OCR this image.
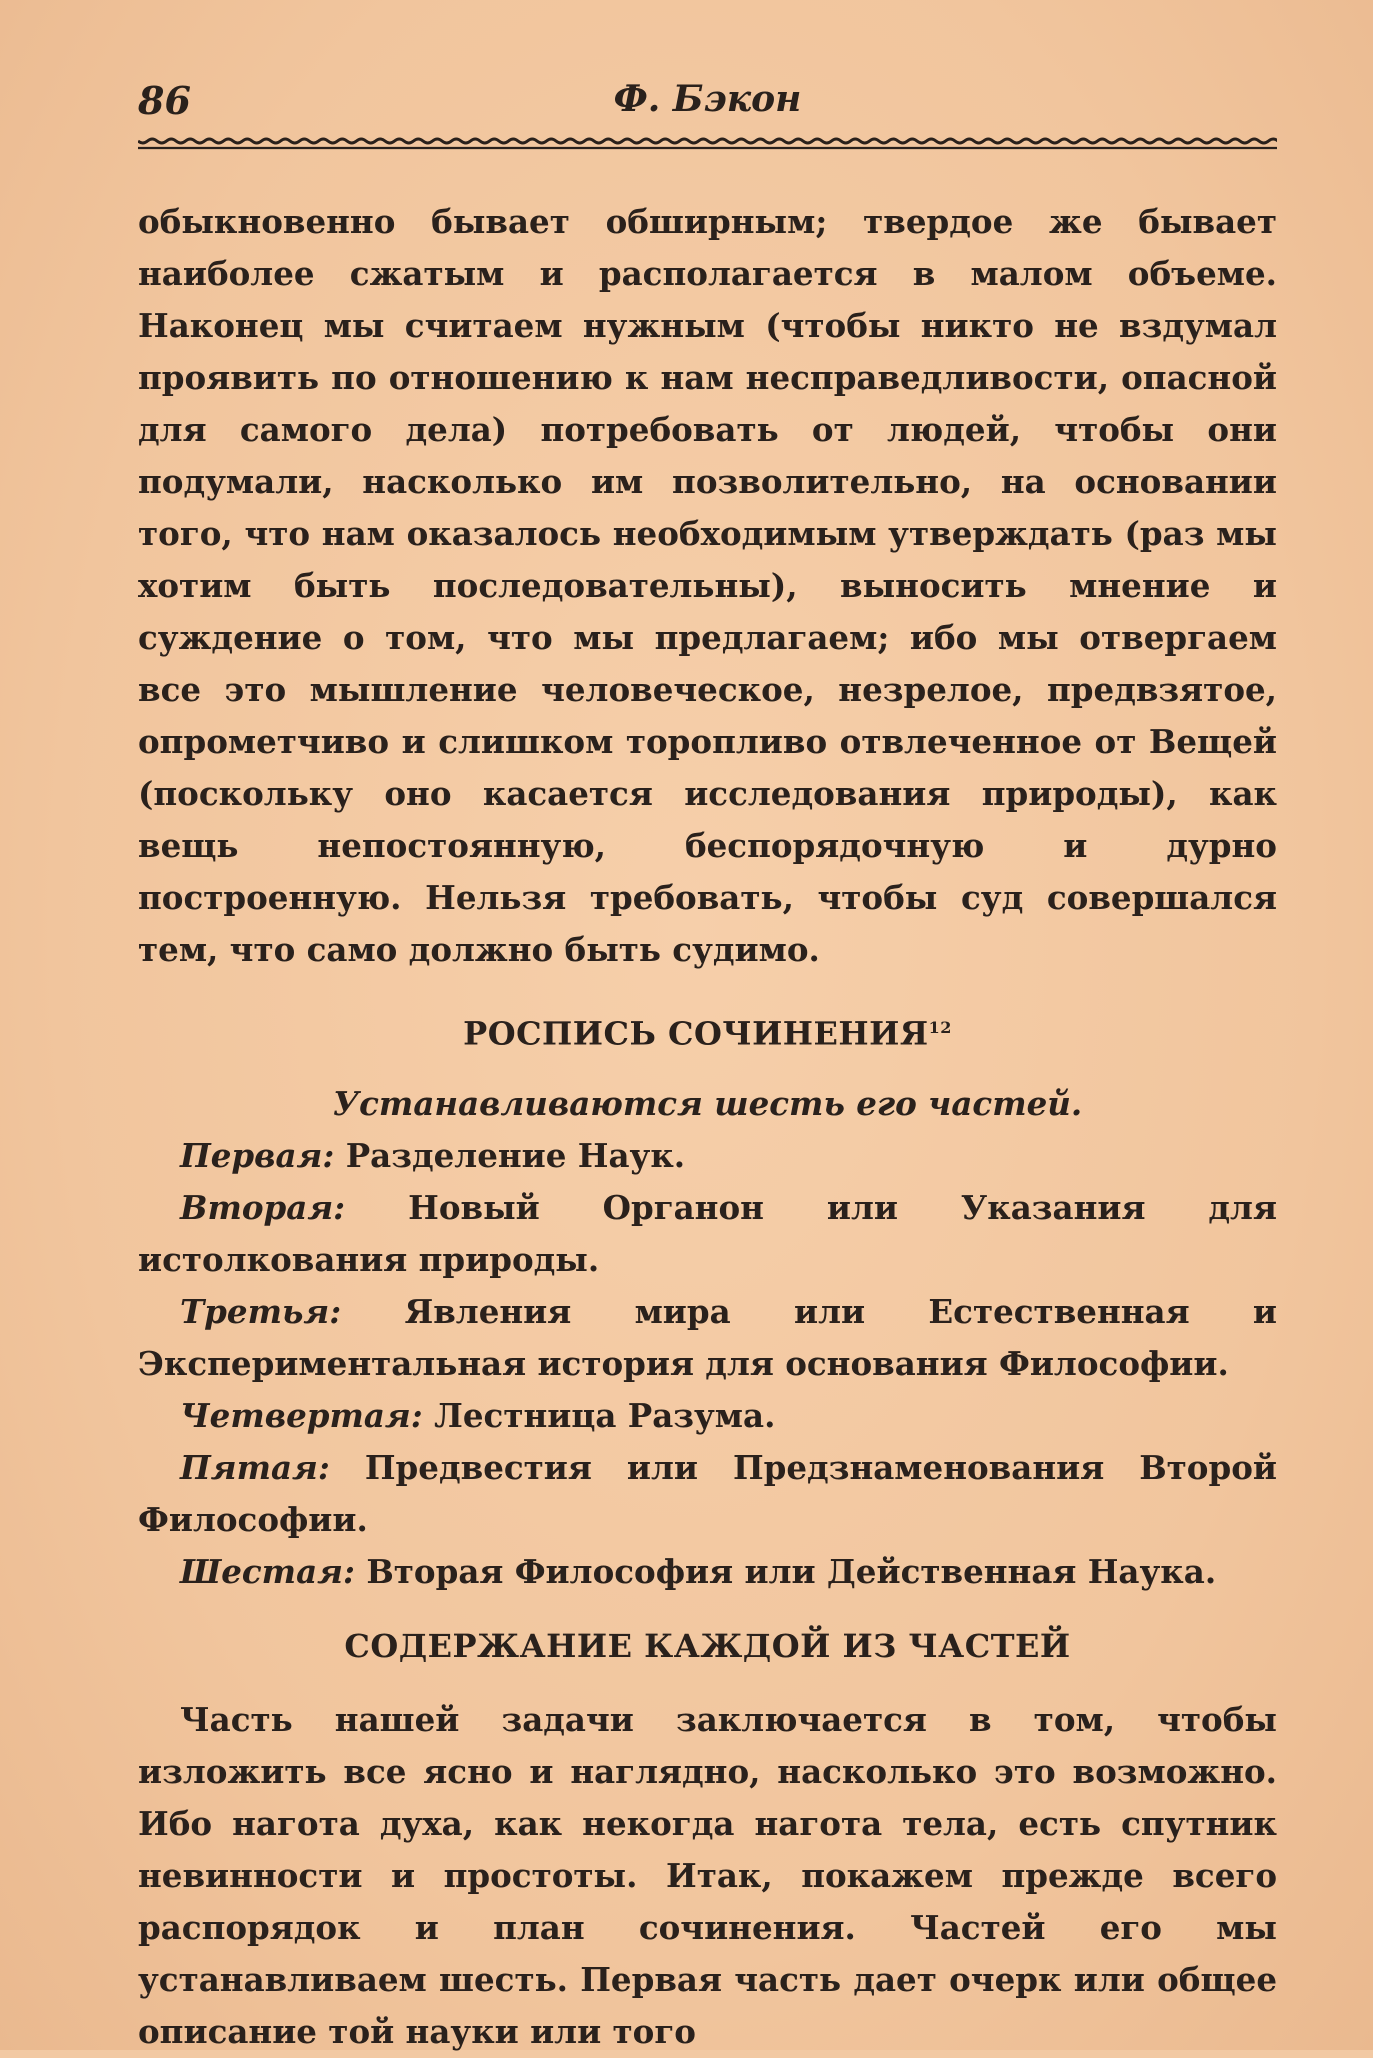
86	Ф. Бэкон

обыкновенно бывает обширным; твердое же бывает наиболее сжатым и располагается в малом объеме. Наконец мы считаем нужным (чтобы никто не вздумал проявить по отношению к нам несправедливости, опасной для самого дела) потребовать от людей, чтобы они подумали, насколько им позволительно, на основании того, что нам оказалось необходимым утверждать (раз мы хотим быть последовательны), выносить мнение и суждение о том, что мы предлагаем; ибо мы отвергаем все это мышление человеческое, незрелое, предвзятое, опрометчиво и слишком торопливо отвлеченное от Вещей (поскольку оно касается исследования природы), как вещь непостоянную, беспорядочную и дурно построенную. Нельзя требовать, чтобы суд совершался тем, что само должно быть судимо.

РОСПИСЬ СОЧИНЕНИЯ$^{12}$

Устанавливаются шесть его частей.

Первая: Разделение Наук.

Вторая: Новый Органон или Указания для истолкования природы.

Третья: Явления мира или Естественная и Экспериментальная история для основания Философии.

Четвертая: Лестница Разума.

Пятая: Предвестия или Предзнаменования Второй Философии.

Шестая: Вторая Философия или Действенная Наука.

СОДЕРЖАНИЕ КАЖДОЙ ИЗ ЧАСТЕЙ

Часть нашей задачи заключается в том, чтобы изложить все ясно и наглядно, насколько это возможно. Ибо нагота духа, как некогда нагота тела, есть спутник невинности и простоты. Итак, покажем прежде всего распорядок и план сочинения. Частей его мы устанавливаем шесть. Первая часть дает очерк или общее описание той науки или того
